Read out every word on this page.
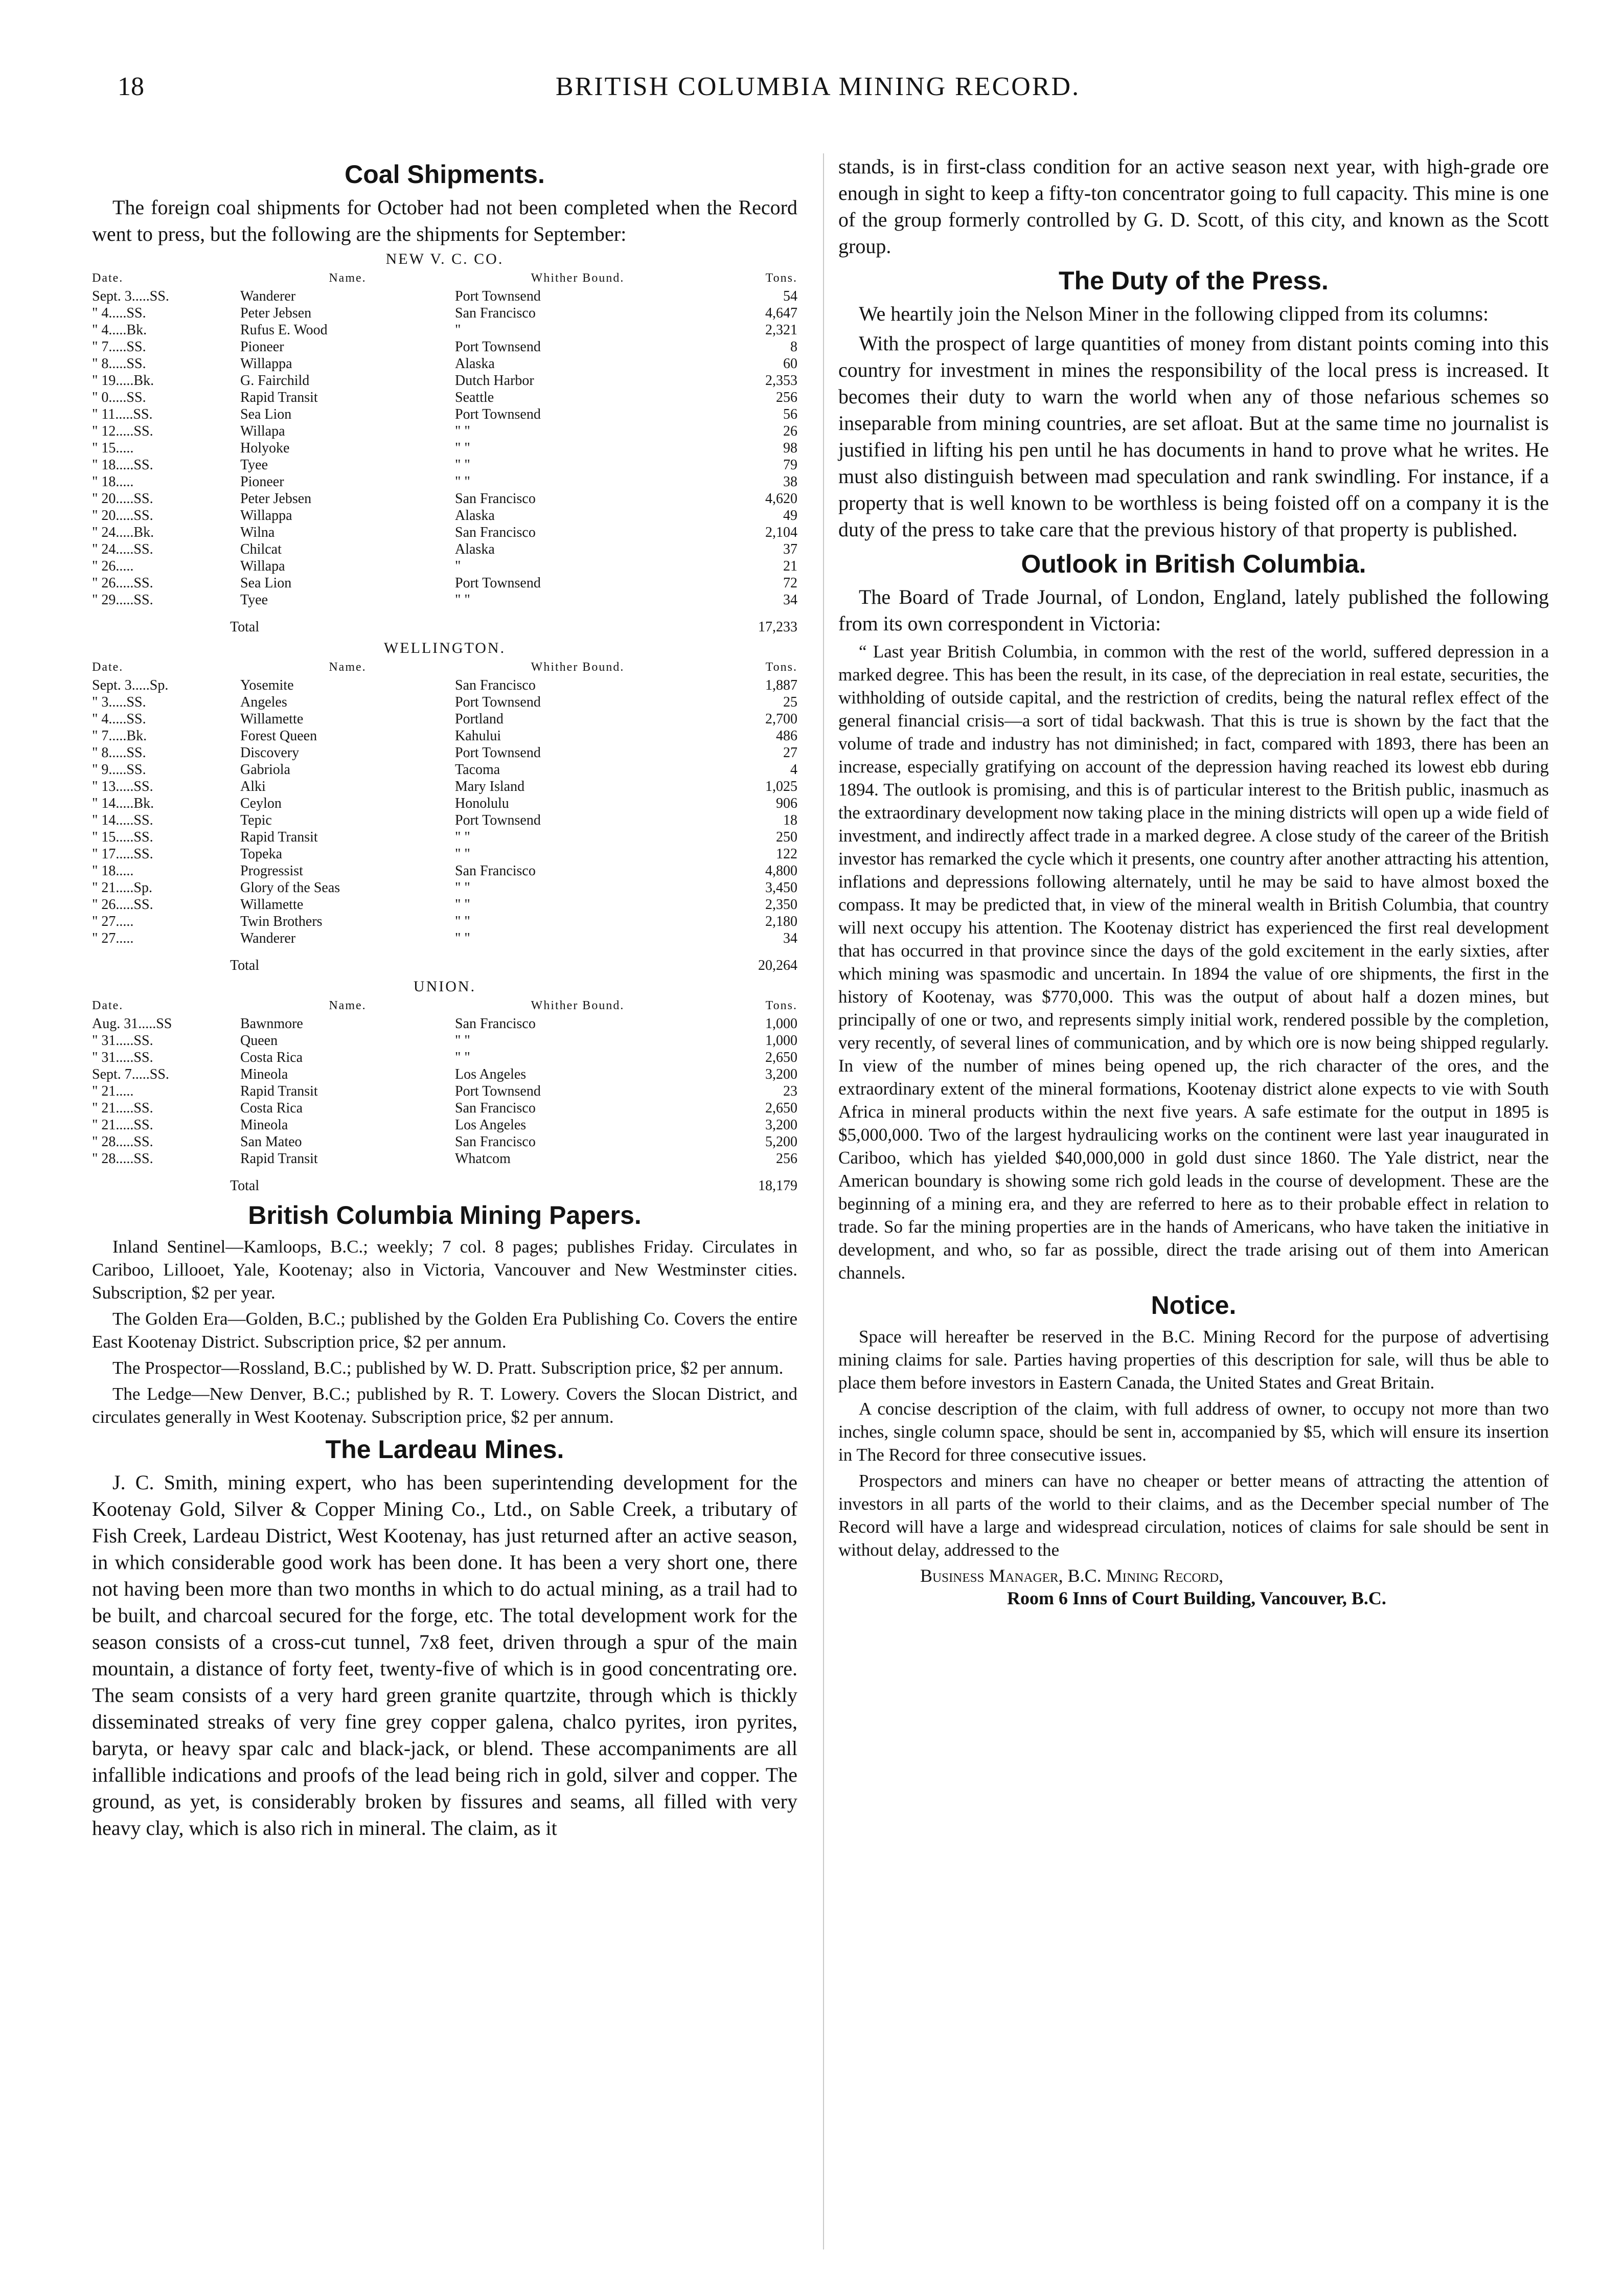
18	BRITISH COLUMBIA MINING RECORD.
Coal Shipments.

The foreign coal shipments for October had not been completed when the Record went to press, but the following are the shipments for September:

NEW V. C. CO.
Date.	Name.	Whither Bound.	Tons.
Sept. 3.....SS.	Wanderer	Port Townsend	54
" 4.....SS.	Peter Jebsen	San Francisco	4,647
" 4.....Bk.	Rufus E. Wood	"	2,321
" 7.....SS.	Pioneer	Port Townsend	8
" 8.....SS.	Willappa	Alaska	60
" 19.....Bk.	G. Fairchild	Dutch Harbor	2,353
" 0.....SS.	Rapid Transit	Seattle	256
" 11.....SS.	Sea Lion	Port Townsend	56
" 12.....SS.	Willapa	" "	26
" 15.....	Holyoke	" "	98
" 18.....SS.	Tyee	" "	79
" 18.....	Pioneer	" "	38
" 20.....SS.	Peter Jebsen	San Francisco	4,620
" 20.....SS.	Willappa	Alaska	49
" 24.....Bk.	Wilna	San Francisco	2,104
" 24.....SS.	Chilcat	Alaska	37
" 26.....	Willapa	"	21
" 26.....SS.	Sea Lion	Port Townsend	72
" 29.....SS.	Tyee	" "	34
Total	17,233
WELLINGTON.
Date.	Name.	Whither Bound.	Tons.
Sept. 3.....Sp.	Yosemite	San Francisco	1,887
" 3.....SS.	Angeles	Port Townsend	25
" 4.....SS.	Willamette	Portland	2,700
" 7.....Bk.	Forest Queen	Kahului	486
" 8.....SS.	Discovery	Port Townsend	27
" 9.....SS.	Gabriola	Tacoma	4
" 13.....SS.	Alki	Mary Island	1,025
" 14.....Bk.	Ceylon	Honolulu	906
" 14.....SS.	Tepic	Port Townsend	18
" 15.....SS.	Rapid Transit	" "	250
" 17.....SS.	Topeka	" "	122
" 18.....	Progressist	San Francisco	4,800
" 21.....Sp.	Glory of the Seas	" "	3,450
" 26.....SS.	Willamette	" "	2,350
" 27.....	Twin Brothers	" "	2,180
" 27.....	Wanderer	" "	34
Total	20,264
UNION.
Date.	Name.	Whither Bound.	Tons.
Aug. 31.....SS	Bawnmore	San Francisco	1,000
" 31.....SS.	Queen	" "	1,000
" 31.....SS.	Costa Rica	" "	2,650
Sept. 7.....SS.	Mineola	Los Angeles	3,200
" 21.....	Rapid Transit	Port Townsend	23
" 21.....SS.	Costa Rica	San Francisco	2,650
" 21.....SS.	Mineola	Los Angeles	3,200
" 28.....SS.	San Mateo	San Francisco	5,200
" 28.....SS.	Rapid Transit	Whatcom	256
Total	18,179
British Columbia Mining Papers.

Inland Sentinel—Kamloops, B.C.; weekly; 7 col. 8 pages; publishes Friday. Circulates in Cariboo, Lillooet, Yale, Kootenay; also in Victoria, Vancouver and New Westminster cities. Subscription, $2 per year.

The Golden Era—Golden, B.C.; published by the Golden Era Publishing Co. Covers the entire East Kootenay District. Subscription price, $2 per annum.

The Prospector—Rossland, B.C.; published by W. D. Pratt. Subscription price, $2 per annum.

The Ledge—New Denver, B.C.; published by R. T. Lowery. Covers the Slocan District, and circulates generally in West Kootenay. Subscription price, $2 per annum.

The Lardeau Mines.

J. C. Smith, mining expert, who has been superintending development for the Kootenay Gold, Silver & Copper Mining Co., Ltd., on Sable Creek, a tributary of Fish Creek, Lardeau District, West Kootenay, has just returned after an active season, in which considerable good work has been done. It has been a very short one, there not having been more than two months in which to do actual mining, as a trail had to be built, and charcoal secured for the forge, etc. The total development work for the season consists of a cross-cut tunnel, 7x8 feet, driven through a spur of the main mountain, a distance of forty feet, twenty-five of which is in good concentrating ore. The seam consists of a very hard green granite quartzite, through which is thickly disseminated streaks of very fine grey copper galena, chalco pyrites, iron pyrites, baryta, or heavy spar calc and black-jack, or blend. These accompaniments are all infallible indications and proofs of the lead being rich in gold, silver and copper. The ground, as yet, is considerably broken by fissures and seams, all filled with very heavy clay, which is also rich in mineral. The claim, as it

stands, is in first-class condition for an active season next year, with high-grade ore enough in sight to keep a fifty-ton concentrator going to full capacity. This mine is one of the group formerly controlled by G. D. Scott, of this city, and known as the Scott group.

The Duty of the Press.

We heartily join the Nelson Miner in the following clipped from its columns:

With the prospect of large quantities of money from distant points coming into this country for investment in mines the responsibility of the local press is increased. It becomes their duty to warn the world when any of those nefarious schemes so inseparable from mining countries, are set afloat. But at the same time no journalist is justified in lifting his pen until he has documents in hand to prove what he writes. He must also distinguish between mad speculation and rank swindling. For instance, if a property that is well known to be worthless is being foisted off on a company it is the duty of the press to take care that the previous history of that property is published.

Outlook in British Columbia.

The Board of Trade Journal, of London, England, lately published the following from its own correspondent in Victoria:

“ Last year British Columbia, in common with the rest of the world, suffered depression in a marked degree. This has been the result, in its case, of the depreciation in real estate, securities, the withholding of outside capital, and the restriction of credits, being the natural reflex effect of the general financial crisis—a sort of tidal backwash. That this is true is shown by the fact that the volume of trade and industry has not diminished; in fact, compared with 1893, there has been an increase, especially gratifying on account of the depression having reached its lowest ebb during 1894. The outlook is promising, and this is of particular interest to the British public, inasmuch as the extraordinary development now taking place in the mining districts will open up a wide field of investment, and indirectly affect trade in a marked degree. A close study of the career of the British investor has remarked the cycle which it presents, one country after another attracting his attention, inflations and depressions following alternately, until he may be said to have almost boxed the compass. It may be predicted that, in view of the mineral wealth in British Columbia, that country will next occupy his attention. The Kootenay district has experienced the first real development that has occurred in that province since the days of the gold excitement in the early sixties, after which mining was spasmodic and uncertain. In 1894 the value of ore shipments, the first in the history of Kootenay, was $770,000. This was the output of about half a dozen mines, but principally of one or two, and represents simply initial work, rendered possible by the completion, very recently, of several lines of communication, and by which ore is now being shipped regularly. In view of the number of mines being opened up, the rich character of the ores, and the extraordinary extent of the mineral formations, Kootenay district alone expects to vie with South Africa in mineral products within the next five years. A safe estimate for the output in 1895 is $5,000,000. Two of the largest hydraulicing works on the continent were last year inaugurated in Cariboo, which has yielded $40,000,000 in gold dust since 1860. The Yale district, near the American boundary is showing some rich gold leads in the course of development. These are the beginning of a mining era, and they are referred to here as to their probable effect in relation to trade. So far the mining properties are in the hands of Americans, who have taken the initiative in development, and who, so far as possible, direct the trade arising out of them into American channels.

Notice.

Space will hereafter be reserved in the B.C. Mining Record for the purpose of advertising mining claims for sale. Parties having properties of this description for sale, will thus be able to place them before investors in Eastern Canada, the United States and Great Britain.

A concise description of the claim, with full address of owner, to occupy not more than two inches, single column space, should be sent in, accompanied by $5, which will ensure its insertion in The Record for three consecutive issues.

Prospectors and miners can have no cheaper or better means of attracting the attention of investors in all parts of the world to their claims, and as the December special number of The Record will have a large and widespread circulation, notices of claims for sale should be sent in without delay, addressed to the

Business Manager, B.C. Mining Record,
Room 6 Inns of Court Building, Vancouver, B.C.
